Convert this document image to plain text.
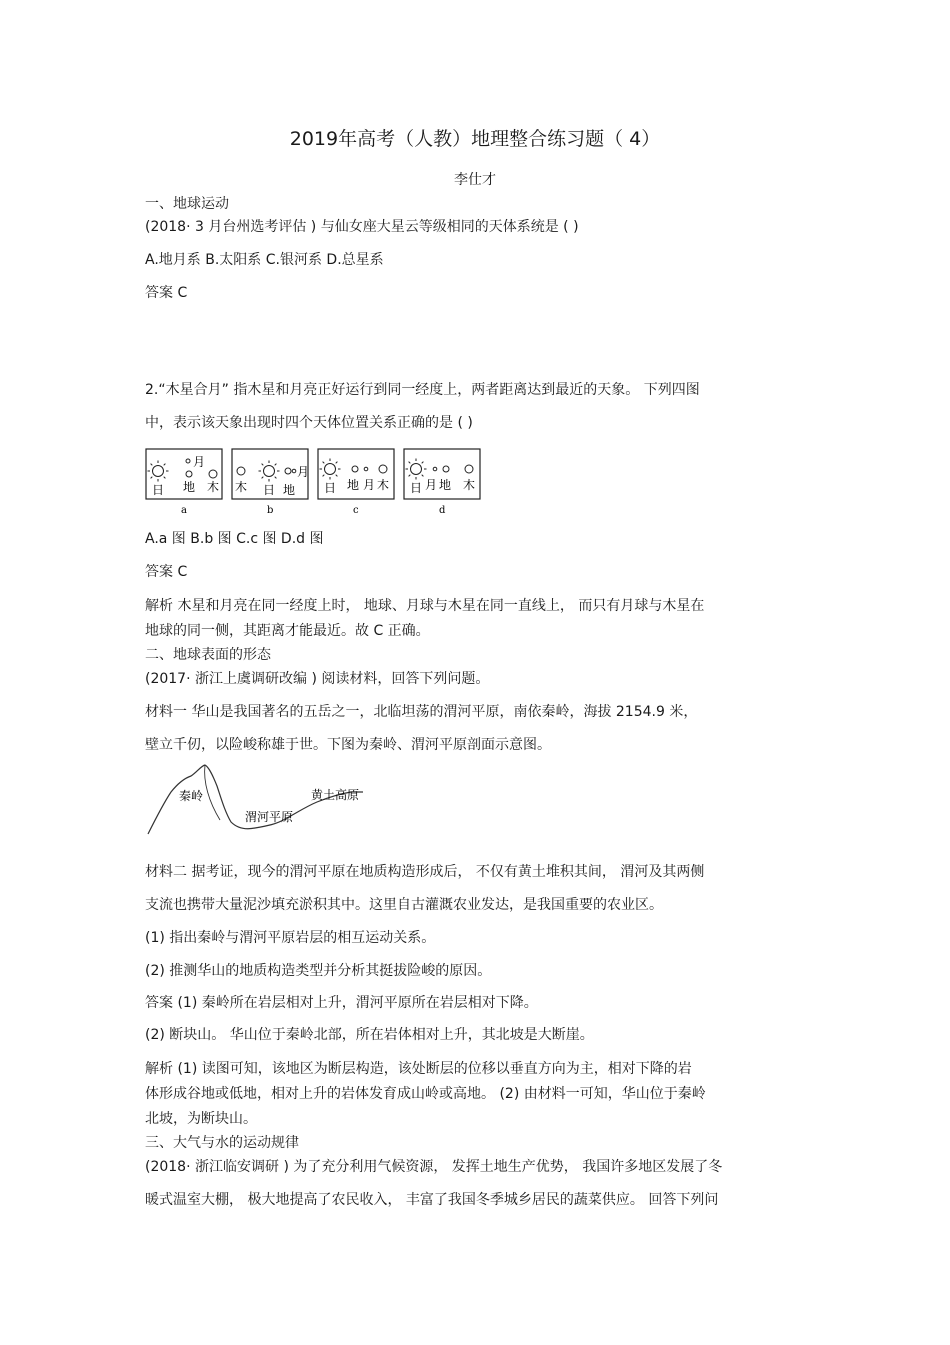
2019年高考（人教）地理整合练习题（ 4）
李仕才
一、地球运动
(2018· 3 月台州选考评估 ) 与仙女座大星云等级相同的天体系统是 ( )
A.地月系 B.太阳系 C.银河系 D.总星系
答案 C
2.“木星合月” 指木星和月亮正好运行到同一经度上，两者距离达到最近的天象。 下列四图
中，表示该天象出现时四个天体位置关系正确的是 ( )
日
月
地 木
a
木 日
月
地
b
日 地 月 木
c
日 月 地 木
d
A.a 图 B.b 图 C.c 图 D.d 图
答案 C
解析 木星和月亮在同一经度上时， 地球、月球与木星在同一直线上， 而只有月球与木星在
地球的同一侧，其距离才能最近。故 C 正确。
二、地球表面的形态
(2017· 浙江上虞调研改编 ) 阅读材料，回答下列问题。
材料一 华山是我国著名的五岳之一，北临坦荡的渭河平原，南依秦岭，海拔 2154.9 米，
壁立千仞，以险峻称雄于世。下图为秦岭、渭河平原剖面示意图。
秦岭
渭河平原
黄土高原
材料二 据考证，现今的渭河平原在地质构造形成后， 不仅有黄土堆积其间， 渭河及其两侧
支流也携带大量泥沙填充淤积其中。这里自古灌溉农业发达，是我国重要的农业区。
(1) 指出秦岭与渭河平原岩层的相互运动关系。
(2) 推测华山的地质构造类型并分析其挺拔险峻的原因。
答案 (1) 秦岭所在岩层相对上升，渭河平原所在岩层相对下降。
(2) 断块山。 华山位于秦岭北部，所在岩体相对上升，其北坡是大断崖。
解析 (1) 读图可知，该地区为断层构造，该处断层的位移以垂直方向为主，相对下降的岩
体形成谷地或低地，相对上升的岩体发育成山岭或高地。 (2) 由材料一可知，华山位于秦岭
北坡，为断块山。
三、大气与水的运动规律
(2018· 浙江临安调研 ) 为了充分利用气候资源， 发挥土地生产优势， 我国许多地区发展了冬
暖式温室大棚， 极大地提高了农民收入， 丰富了我国冬季城乡居民的蔬菜供应。 回答下列问
